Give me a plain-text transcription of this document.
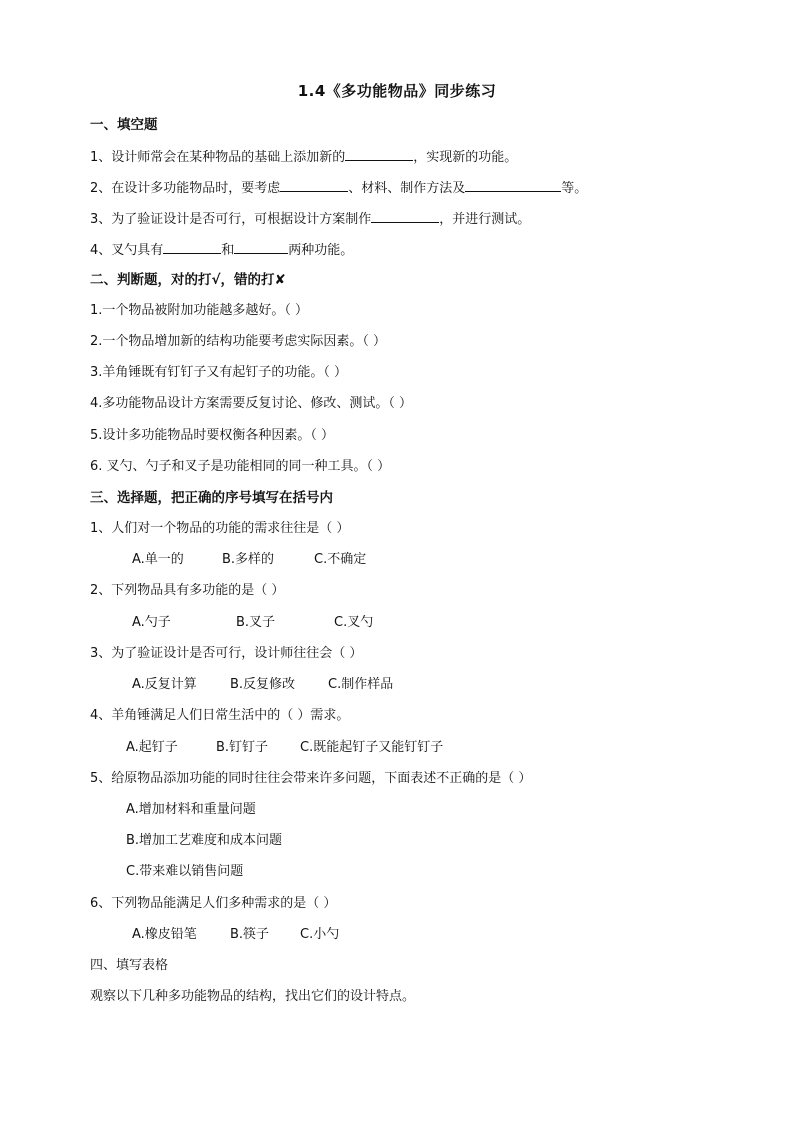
1.4《多功能物品》同步练习
一、填空题
1、设计师常会在某种物品的基础上添加新的	，实现新的功能。
2、在设计多功能物品时，要考虑	、材料、制作方法及	等。
3、为了验证设计是否可行，可根据设计方案制作	，并进行测试。
4、叉勺具有	和	两种功能。
二、判断题，对的打√，错的打✘
1.一个物品被附加功能越多越好。（ ）
2.一个物品增加新的结构功能要考虑实际因素。（ ）
3.羊角锤既有钉钉子又有起钉子的功能。（ ）
4.多功能物品设计方案需要反复讨论、修改、测试。（ ）
5.设计多功能物品时要权衡各种因素。（ ）
6. 叉勺、勺子和叉子是功能相同的同一种工具。（ ）
三、选择题，把正确的序号填写在括号内
1、人们对一个物品的功能的需求往往是（ ）
A.单一的	B.多样的	C.不确定
2、下列物品具有多功能的是（ ）
A.勺子	B.叉子	C.叉勺
3、为了验证设计是否可行，设计师往往会（ ）
A.反复计算	B.反复修改	C.制作样品
4、羊角锤满足人们日常生活中的（ ）需求。
A.起钉子	B.钉钉子 C.既能起钉子又能钉钉子
5、给原物品添加功能的同时往往会带来许多问题，下面表述不正确的是（ ）
A.增加材料和重量问题
B.增加工艺难度和成本问题
C.带来难以销售问题
6、下列物品能满足人们多种需求的是（ ）
A.橡皮铅笔	B.筷子 C.小勺
四、填写表格
观察以下几种多功能物品的结构，找出它们的设计特点。
